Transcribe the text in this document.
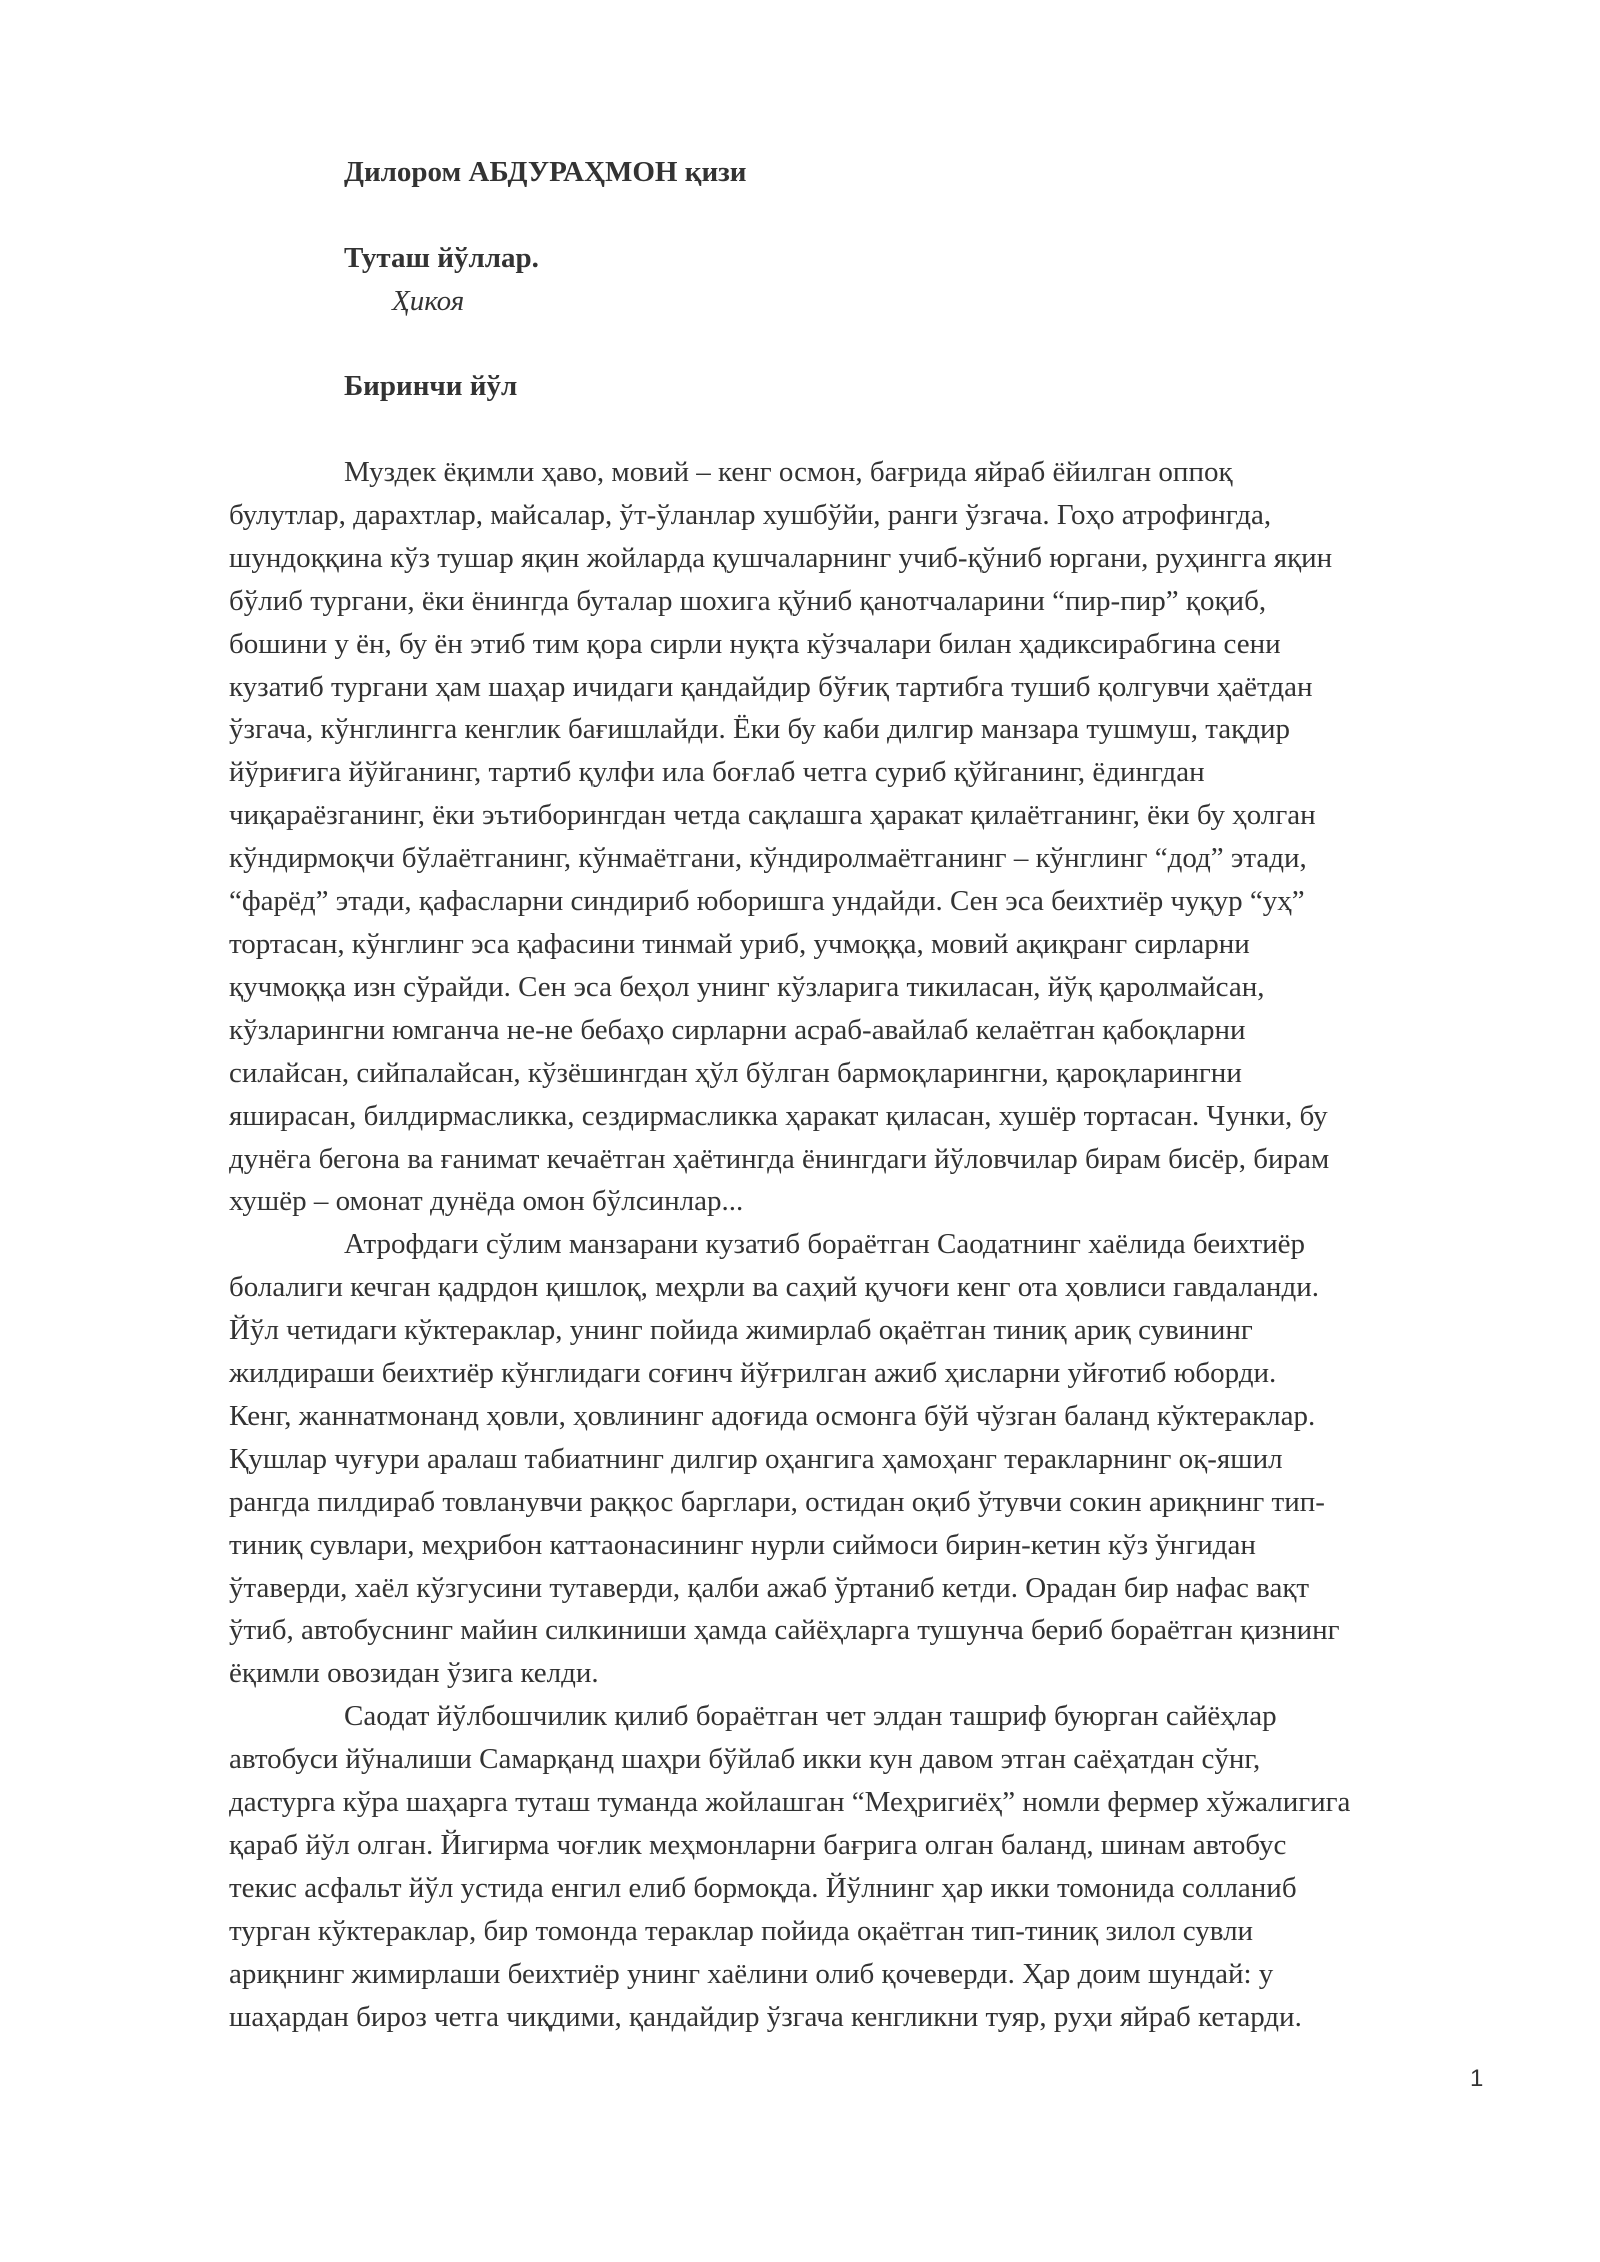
Дилором АБДУРАҲМОН қизи
Туташ йўллар.
Ҳикоя
Биринчи йўл
Муздек ёқимли ҳаво, мовий – кенг осмон, бағрида яйраб ёйилган оппоқ
булутлар, дарахтлар, майсалар, ўт-ўланлар хушбўйи, ранги ўзгача. Гоҳо атрофингда,
шундоққина кўз тушар яқин жойларда қушчаларнинг учиб-қўниб юргани, руҳингга яқин
бўлиб тургани, ёки ёнингда буталар шохига қўниб қанотчаларини “пир-пир” қоқиб,
бошини у ён, бу ён этиб тим қора сирли нуқта кўзчалари билан ҳадиксирабгина сени
кузатиб тургани ҳам шаҳар ичидаги қандайдир бўғиқ тартибга тушиб қолгувчи ҳаётдан
ўзгача, кўнглингга кенглик бағишлайди. Ёки бу каби дилгир манзара тушмуш, тақдир
йўриғига йўйганинг, тартиб қулфи ила боғлаб четга суриб қўйганинг, ёдингдан
чиқараёзганинг, ёки эътиборингдан четда сақлашга ҳаракат қилаётганинг, ёки бу ҳолган
кўндирмоқчи бўлаётганинг, кўнмаётгани, кўндиролмаётганинг – кўнглинг “дод” этади,
“фарёд” этади, қафасларни синдириб юборишга ундайди. Сен эса беихтиёр чуқур “уҳ”
тортасан, кўнглинг эса қафасини тинмай уриб, учмоққа, мовий ақиқранг сирларни
қучмоққа изн сўрайди. Сен эса беҳол унинг кўзларига тикиласан, йўқ қаролмайсан,
кўзларингни юмганча не-не бебаҳо сирларни асраб-авайлаб келаётган қабоқларни
силайсан, сийпалайсан, кўзёшингдан ҳўл бўлган бармоқларингни, қароқларингни
яширасан, билдирмасликка, сездирмасликка ҳаракат қиласан, хушёр тортасан. Чунки, бу
дунёга бегона ва ғанимат кечаётган ҳаётингда ёнингдаги йўловчилар бирам бисёр, бирам
хушёр – омонат дунёда омон бўлсинлар...
Атрофдаги сўлим манзарани кузатиб бораётган Саодатнинг хаёлида беихтиёр
болалиги кечган қадрдон қишлоқ, меҳрли ва саҳий қучоғи кенг ота ҳовлиси гавдаланди.
Йўл четидаги кўктераклар, унинг пойида жимирлаб оқаётган тиниқ ариқ сувининг
жилдираши беихтиёр кўнглидаги соғинч йўғрилган ажиб ҳисларни уйғотиб юборди.
Кенг, жаннатмонанд ҳовли, ҳовлининг адоғида осмонга бўй чўзган баланд кўктераклар.
Қушлар чуғури аралаш табиатнинг дилгир оҳангига ҳамоҳанг теракларнинг оқ-яшил
рангда пилдираб товланувчи раққос барглари, остидан оқиб ўтувчи сокин ариқнинг тип-
тиниқ сувлари, меҳрибон каттаонасининг нурли сиймоси бирин-кетин кўз ўнгидан
ўтаверди, хаёл кўзгусини тутаверди, қалби ажаб ўртаниб кетди. Орадан бир нафас вақт
ўтиб, автобуснинг майин силкиниши ҳамда сайёҳларга тушунча бериб бораётган қизнинг
ёқимли овозидан ўзига келди.
Саодат йўлбошчилик қилиб бораётган чет элдан ташриф буюрган сайёҳлар
автобуси йўналиши Самарқанд шаҳри бўйлаб икки кун давом этган саёҳатдан сўнг,
дастурга кўра шаҳарга туташ туманда жойлашган “Меҳригиёҳ” номли фермер хўжалигига
қараб йўл олган. Йигирма чоғлик меҳмонларни бағрига олган баланд, шинам автобус
текис асфальт йўл устида енгил елиб бормоқда. Йўлнинг ҳар икки томонида солланиб
турган кўктераклар, бир томонда тераклар пойида оқаётган тип-тиниқ зилол сувли
ариқнинг жимирлаши беихтиёр унинг хаёлини олиб қочеверди. Ҳар доим шундай: у
шаҳардан бироз четга чиқдими, қандайдир ўзгача кенгликни туяр, руҳи яйраб кетарди.
1
